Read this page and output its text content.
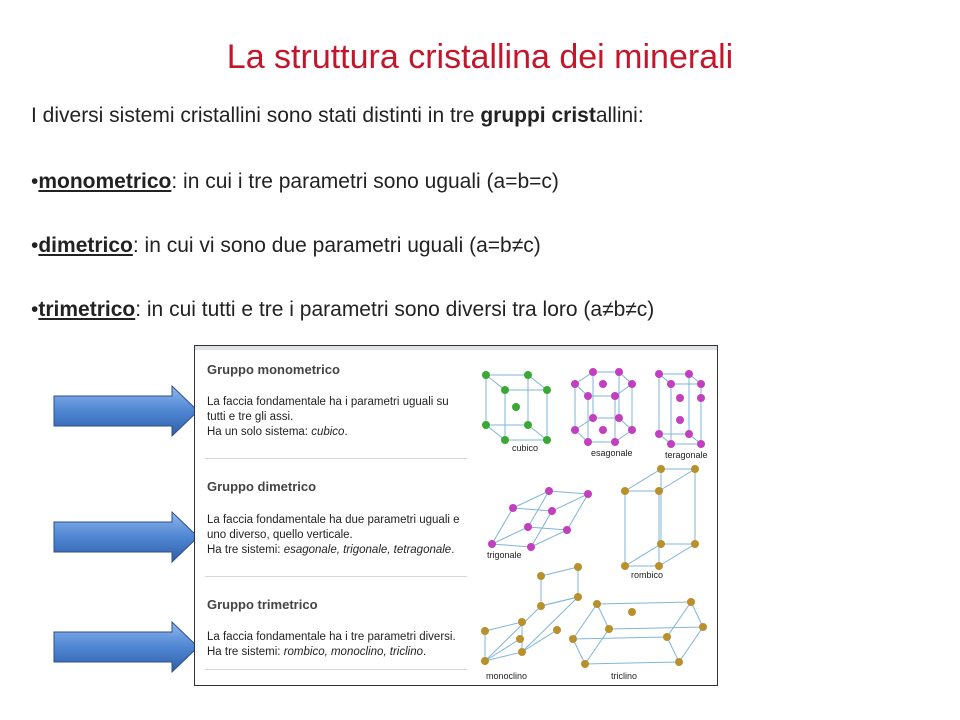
La struttura cristallina dei minerali
I diversi sistemi cristallini sono stati distinti in tre gruppi cristallini:
•monometrico: in cui i tre parametri sono uguali (a=b=c)
•dimetrico: in cui vi sono due parametri uguali (a=b≠c)
•trimetrico: in cui tutti e tre i parametri sono diversi tra loro (a≠b≠c)
Gruppo monometrico
La faccia fondamentale ha i parametri uguali su
tutti e tre gli assi.
Ha un solo sistema: cubico.
Gruppo dimetrico
La faccia fondamentale ha due parametri uguali e
uno diverso, quello verticale.
Ha tre sistemi: esagonale, trigonale, tetragonale.
Gruppo trimetrico
La faccia fondamentale ha i tre parametri diversi.
Ha tre sistemi: rombico, monoclino, triclino.
cubico	esagonale	teragonale
trigonale
rombico
monoclino	triclino
